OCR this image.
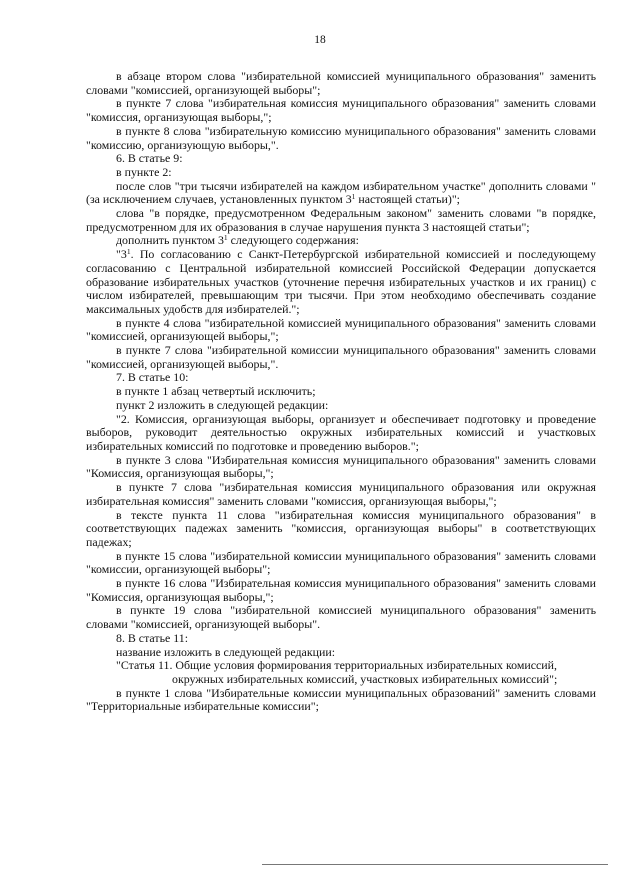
18

в абзаце втором слова "избирательной комиссией муниципального образования" заменить словами "комиссией, организующей выборы";

в пункте 7 слова "избирательная комиссия муниципального образования" заменить словами "комиссия, организующая выборы,";

в пункте 8 слова "избирательную комиссию муниципального образования" заменить словами "комиссию, организующую выборы,".

6. В статье 9:

в пункте 2:

после слов "три тысячи избирателей на каждом избирательном участке" дополнить словами "(за исключением случаев, установленных пунктом $3^1$ настоящей статьи)";

слова "в порядке, предусмотренном Федеральным законом" заменить словами "в порядке, предусмотренном для их образования в случае нарушения пункта 3 настоящей статьи";

дополнить пунктом $3^1$ следующего содержания:

"$3^1$. По согласованию с Санкт-Петербургской избирательной комиссией и последующему согласованию с Центральной избирательной комиссией Российской Федерации допускается образование избирательных участков (уточнение перечня избирательных участков и их границ) с числом избирателей, превышающим три тысячи. При этом необходимо обеспечивать создание максимальных удобств для избирателей.";

в пункте 4 слова "избирательной комиссией муниципального образования" заменить словами "комиссией, организующей выборы,";

в пункте 7 слова "избирательной комиссии муниципального образования" заменить словами "комиссией, организующей выборы,".

7. В статье 10:

в пункте 1 абзац четвертый исключить;

пункт 2 изложить в следующей редакции:

"2. Комиссия, организующая выборы, организует и обеспечивает подготовку и проведение выборов, руководит деятельностью окружных избирательных комиссий и участковых избирательных комиссий по подготовке и проведению выборов.";

в пункте 3 слова "Избирательная комиссия муниципального образования" заменить словами "Комиссия, организующая выборы,";

в пункте 7 слова "избирательная комиссия муниципального образования или окружная избирательная комиссия" заменить словами "комиссия, организующая выборы,";

в тексте пункта 11 слова "избирательная комиссия муниципального образования" в соответствующих падежах заменить "комиссия, организующая выборы" в соответствующих падежах;

в пункте 15 слова "избирательной комиссии муниципального образования" заменить словами "комиссии, организующей выборы";

в пункте 16 слова "Избирательная комиссия муниципального образования" заменить словами "Комиссия, организующая выборы,";

в пункте 19 слова "избирательной комиссией муниципального образования" заменить словами "комиссией, организующей выборы".

8. В статье 11:

название изложить в следующей редакции:

"Статья 11. Общие условия формирования территориальных избирательных комиссий, окружных избирательных комиссий, участковых избирательных комиссий";

в пункте 1 слова "Избирательные комиссии муниципальных образований" заменить словами "Территориальные избирательные комиссии";
